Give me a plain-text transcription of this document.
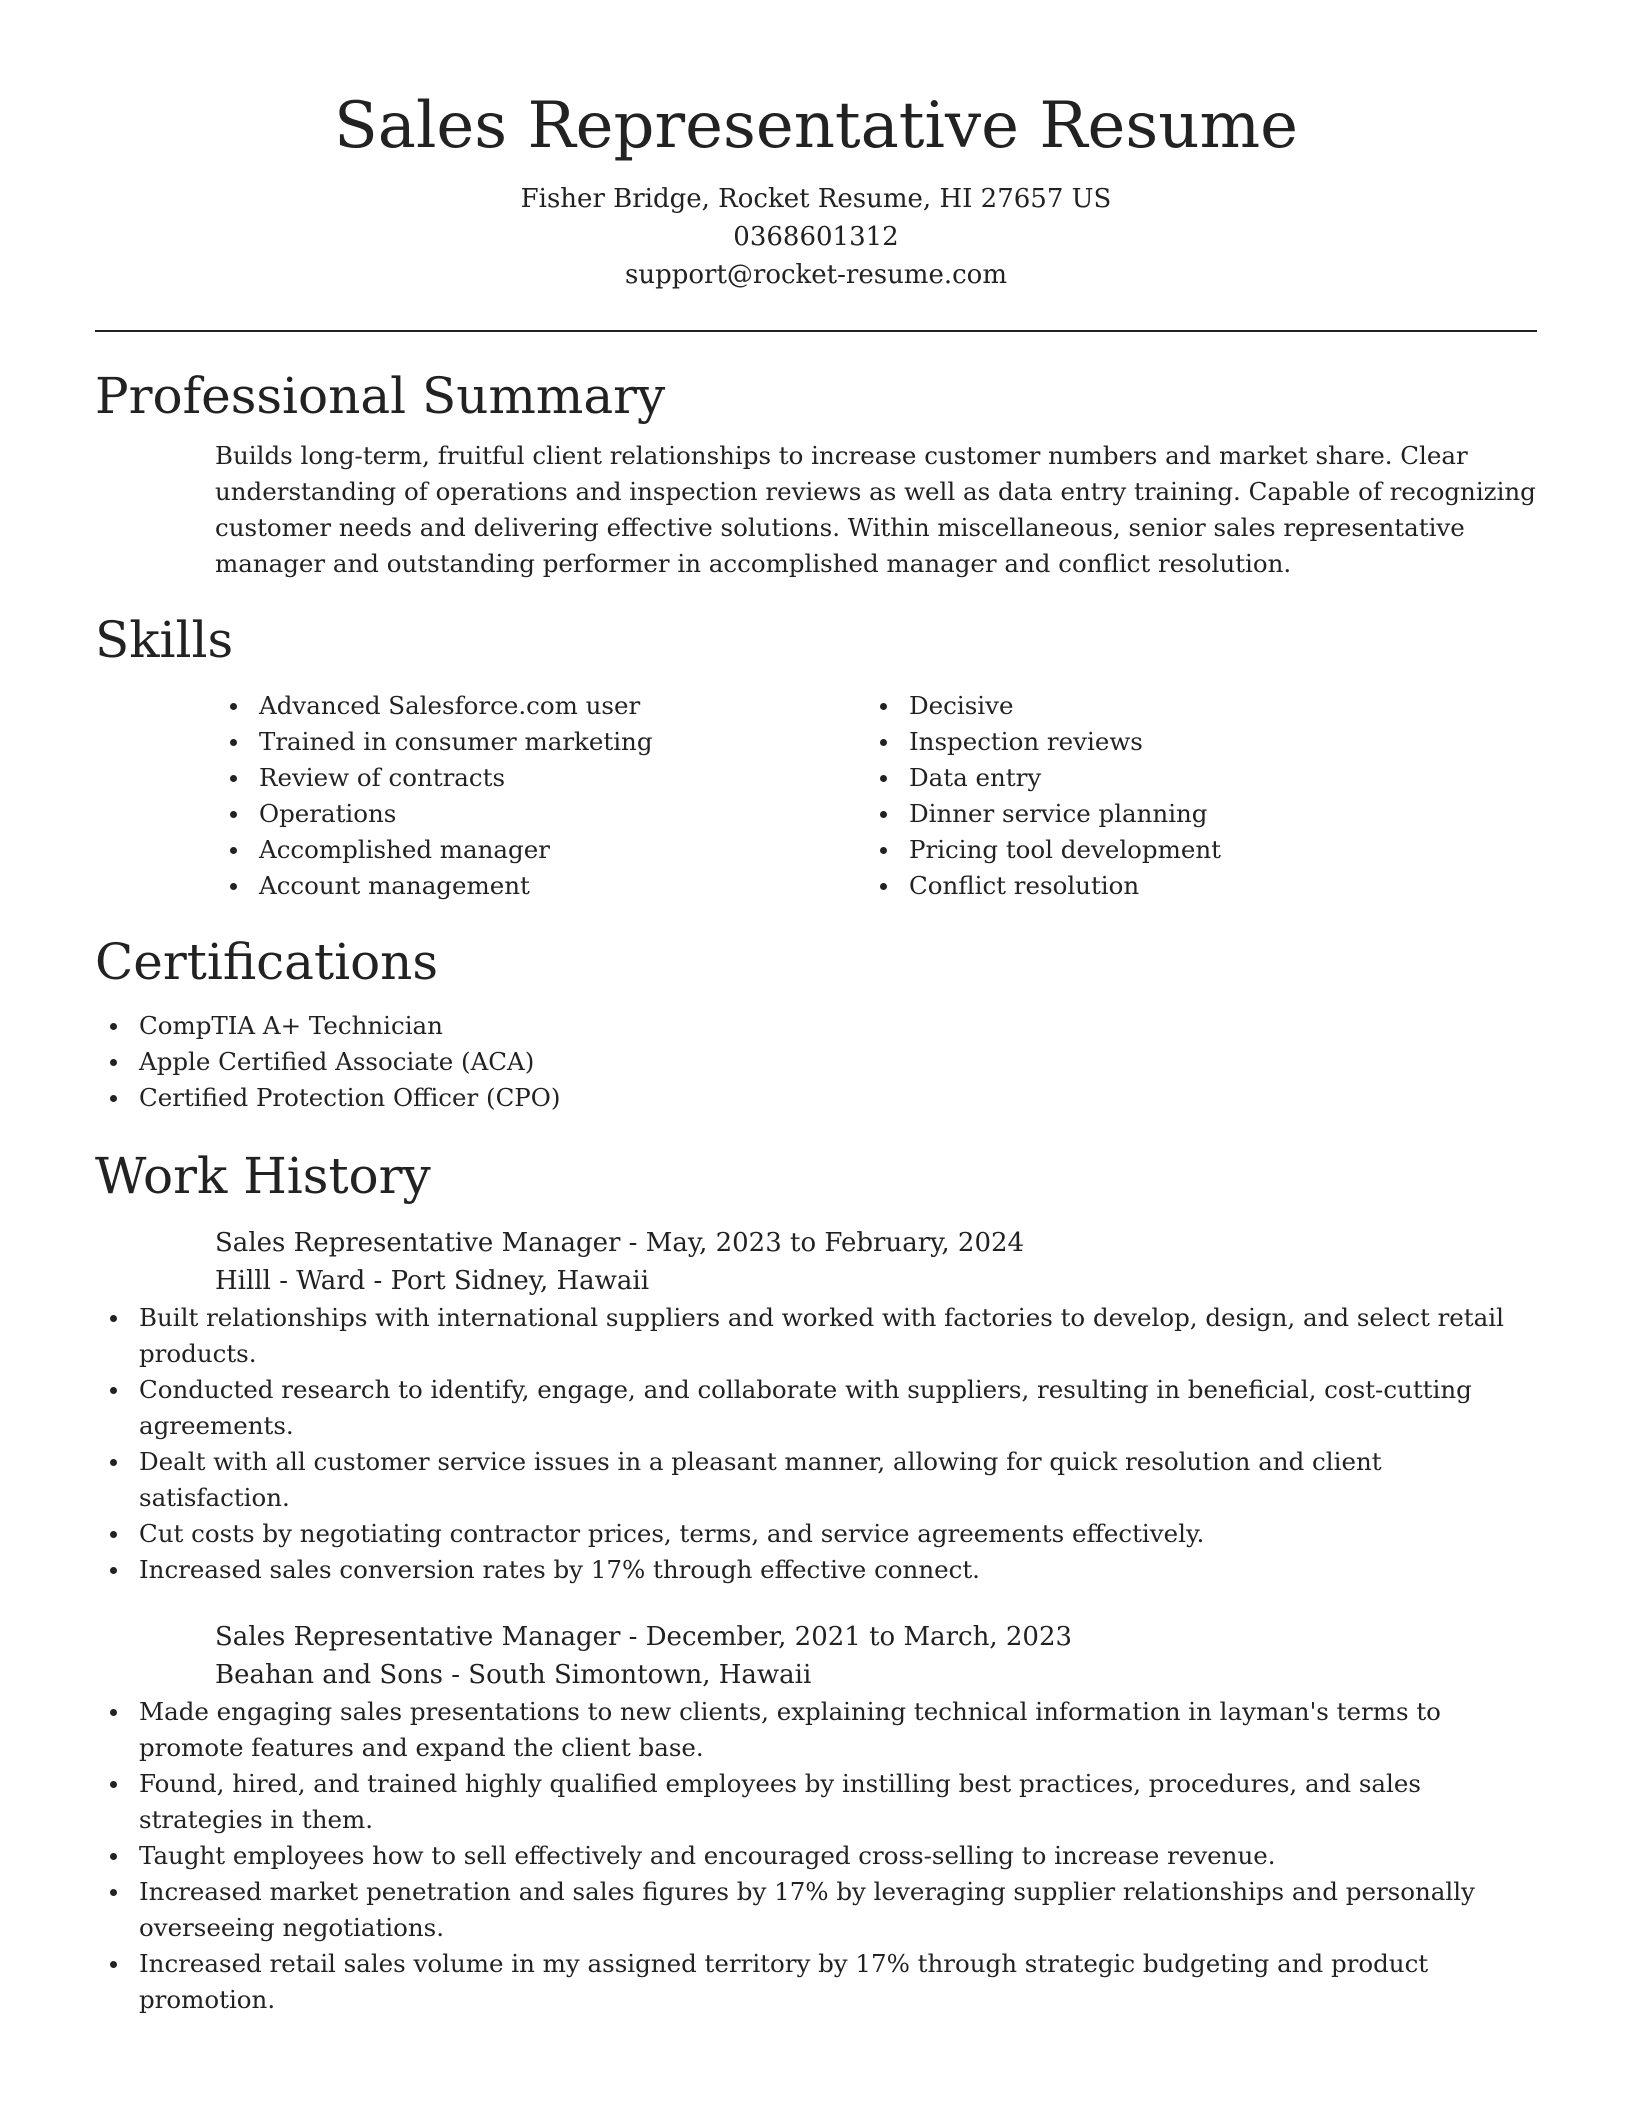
Sales Representative Resume
Fisher Bridge, Rocket Resume, HI 27657 US
0368601312
support@rocket-resume.com
Professional Summary

Builds long-term, fruitful client relationships to increase customer numbers and market share. Clear understanding of operations and inspection reviews as well as data entry training. Capable of recognizing customer needs and delivering effective solutions. Within miscellaneous, senior sales representative manager and outstanding performer in accomplished manager and conflict resolution.

Skills
Advanced Salesforce.com user
Trained in consumer marketing
Review of contracts
Operations
Accomplished manager
Account management
Decisive
Inspection reviews
Data entry
Dinner service planning
Pricing tool development
Conflict resolution
Certifications
CompTIA A+ Technician
Apple Certified Associate (ACA)
Certified Protection Officer (CPO)
Work History
Sales Representative Manager - May, 2023 to February, 2024
Hilll - Ward - Port Sidney, Hawaii
Built relationships with international suppliers and worked with factories to develop, design, and select retail products.
Conducted research to identify, engage, and collaborate with suppliers, resulting in beneficial, cost-cutting agreements.
Dealt with all customer service issues in a pleasant manner, allowing for quick resolution and client satisfaction.
Cut costs by negotiating contractor prices, terms, and service agreements effectively.
Increased sales conversion rates by 17% through effective connect.
Sales Representative Manager - December, 2021 to March, 2023
Beahan and Sons - South Simontown, Hawaii
Made engaging sales presentations to new clients, explaining technical information in layman's terms to promote features and expand the client base.
Found, hired, and trained highly qualified employees by instilling best practices, procedures, and sales strategies in them.
Taught employees how to sell effectively and encouraged cross-selling to increase revenue.
Increased market penetration and sales figures by 17% by leveraging supplier relationships and personally overseeing negotiations.
Increased retail sales volume in my assigned territory by 17% through strategic budgeting and product promotion.
